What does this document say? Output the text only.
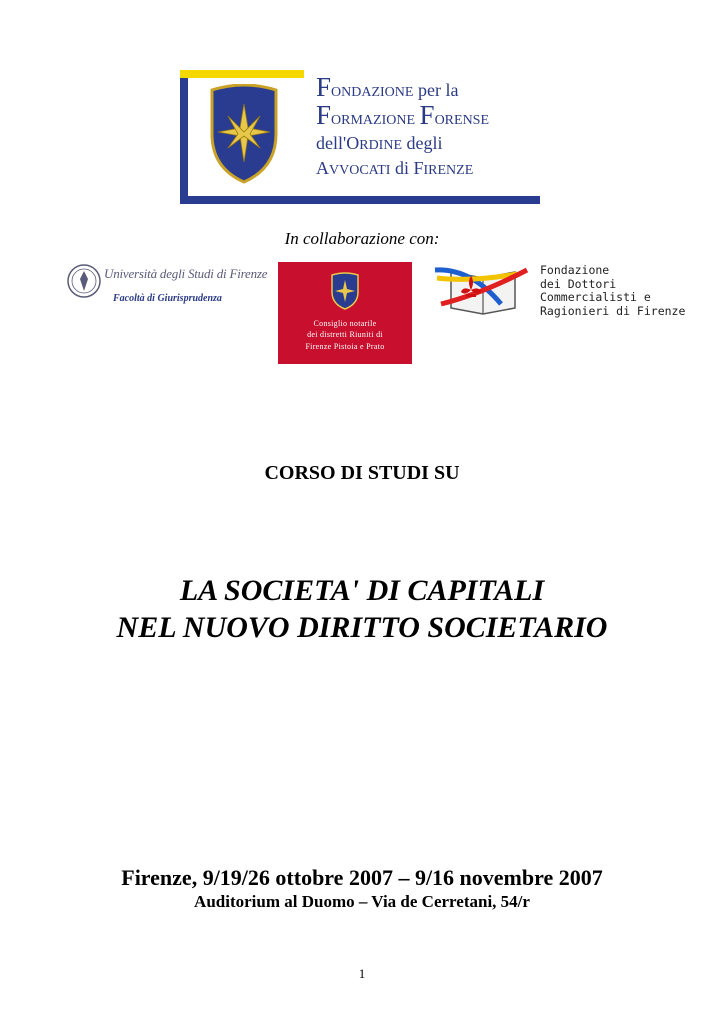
FONDAZIONE per la
FORMAZIONE FORENSE
dell'ORDINE degli
AVVOCATI di FIRENZE
In collaborazione con:
Università degli Studi di Firenze
Facoltà di Giurisprudenza
Consiglio notarile
dei distretti Riuniti di
Firenze Pistoia e Prato
Fondazione
dei Dottori
Commercialisti e
Ragionieri di Firenze
CORSO DI STUDI SU
LA SOCIETA' DI CAPITALI
NEL NUOVO DIRITTO SOCIETARIO
Firenze, 9/19/26 ottobre 2007 – 9/16 novembre 2007
Auditorium al Duomo – Via de Cerretani, 54/r
1
